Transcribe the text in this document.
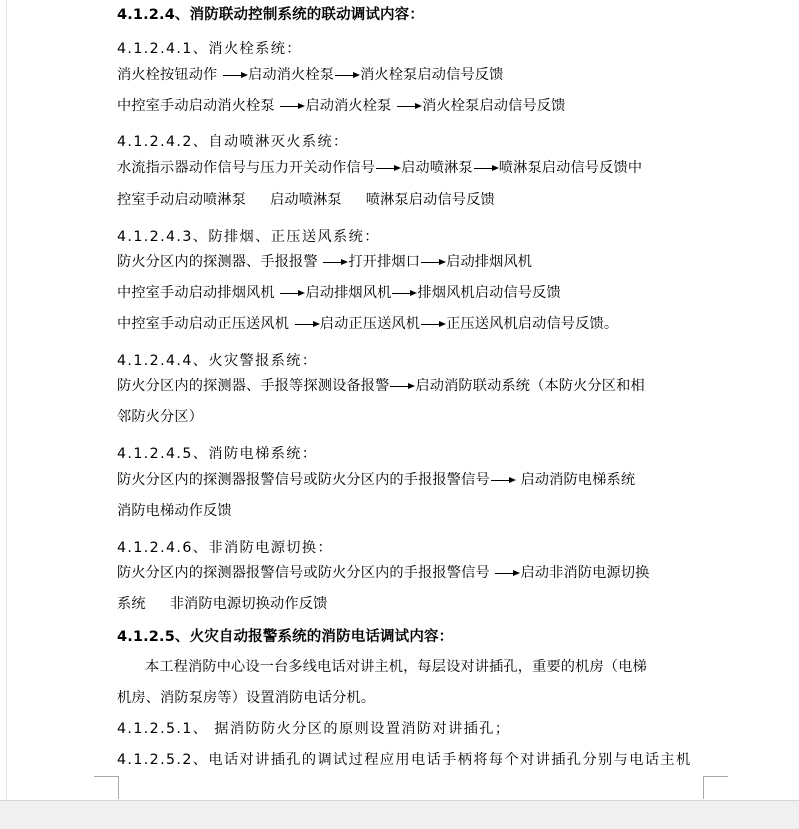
4.1.2.4、消防联动控制系统的联动调试内容：
4.1.2.4.1、消火栓系统：
消火栓按钮动作 启动消火栓泵 消火栓泵启动信号反馈
中控室手动启动消火栓泵 启动消火栓泵 消火栓泵启动信号反馈
4.1.2.4.2、自动喷淋灭火系统：
水流指示器动作信号与压力开关动作信号 启动喷淋泵 喷淋泵启动信号反馈中
控室手动启动喷淋泵 启动喷淋泵 喷淋泵启动信号反馈
4.1.2.4.3、防排烟、正压送风系统：
防火分区内的探测器、手报报警 打开排烟口 启动排烟风机
中控室手动启动排烟风机 启动排烟风机 排烟风机启动信号反馈
中控室手动启动正压送风机 启动正压送风机 正压送风机启动信号反馈。
4.1.2.4.4、火灾警报系统：
防火分区内的探测器、手报等探测设备报警 启动消防联动系统（本防火分区和相
邻防火分区）
4.1.2.4.5、消防电梯系统：
防火分区内的探测器报警信号或防火分区内的手报报警信号 启动消防电梯系统
消防电梯动作反馈
4.1.2.4.6、非消防电源切换：
防火分区内的探测器报警信号或防火分区内的手报报警信号 启动非消防电源切换
系统 非消防电源切换动作反馈
4.1.2.5、火灾自动报警系统的消防电话调试内容：
本工程消防中心设一台多线电话对讲主机，每层设对讲插孔，重要的机房（电梯
机房、消防泵房等）设置消防电话分机。
4.1.2.5.1、 据消防防火分区的原则设置消防对讲插孔；
4.1.2.5.2、电话对讲插孔的调试过程应用电话手柄将每个对讲插孔分别与电话主机
